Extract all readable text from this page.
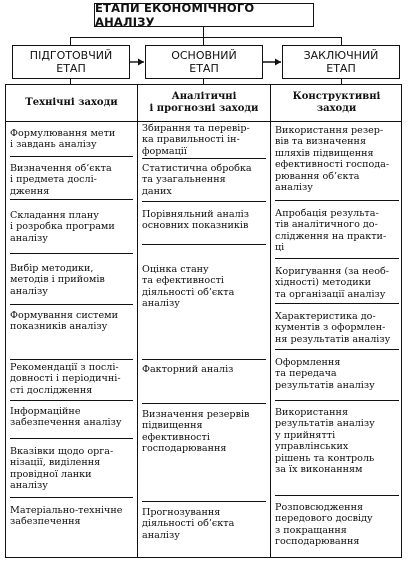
ЕТАПИ ЕКОНОМІЧНОГО АНАЛІЗУ
ПІДГОТОВЧИЙ
ЕТАП
ОСНОВНИЙ
ЕТАП
ЗАКЛЮЧНИЙ
ЕТАП
Технічні заходи
Аналітичні
і прогнозні заходи
Конструктивні
заходи
Формулювання мети
і завдань аналізу
Визначення об’єкта
і предмета дослі-
дження
Складання плану
і розробка програми
аналізу
Вибір методики,
методів і прийомів
аналізу
Формування системи
показників аналізу
Рекомендації з послі-
довності і періодичні-
сті дослідження
Інформаційне
забезпечення аналізу
Вказівки щодо орга-
нізації, виділення
провідної ланки
аналізу
Матеріально-технічне
забезпечення
Збирання та перевір-
ка правильності ін-
формації
Статистична обробка
та узагальнення
даних
Порівняльний аналіз
основних показників
Оцінка стану
та ефективності
діяльності об’єкта
аналізу
Факторний аналіз
Визначення резервів
підвищення
ефективності
господарювання
Прогнозування
діяльності об’єкта
аналізу
Використання резер-
вів та визначення
шляхів підвищення
ефективності господа-
рювання об’єкта аналізу
Апробація результа-
тів аналітичного до-
слідження на практи-
ці
Коригування (за необ-
хідності) методики
та організації аналізу
Характеристика до-
кументів з оформлен-
ня результатів аналізу
Оформлення
та передача
результатів аналізу
Використання
результатів аналізу
у прийнятті
управлінських
рішень та контроль
за їх виконанням
Розповсюдження
передового досвіду
з покращання
господарювання
